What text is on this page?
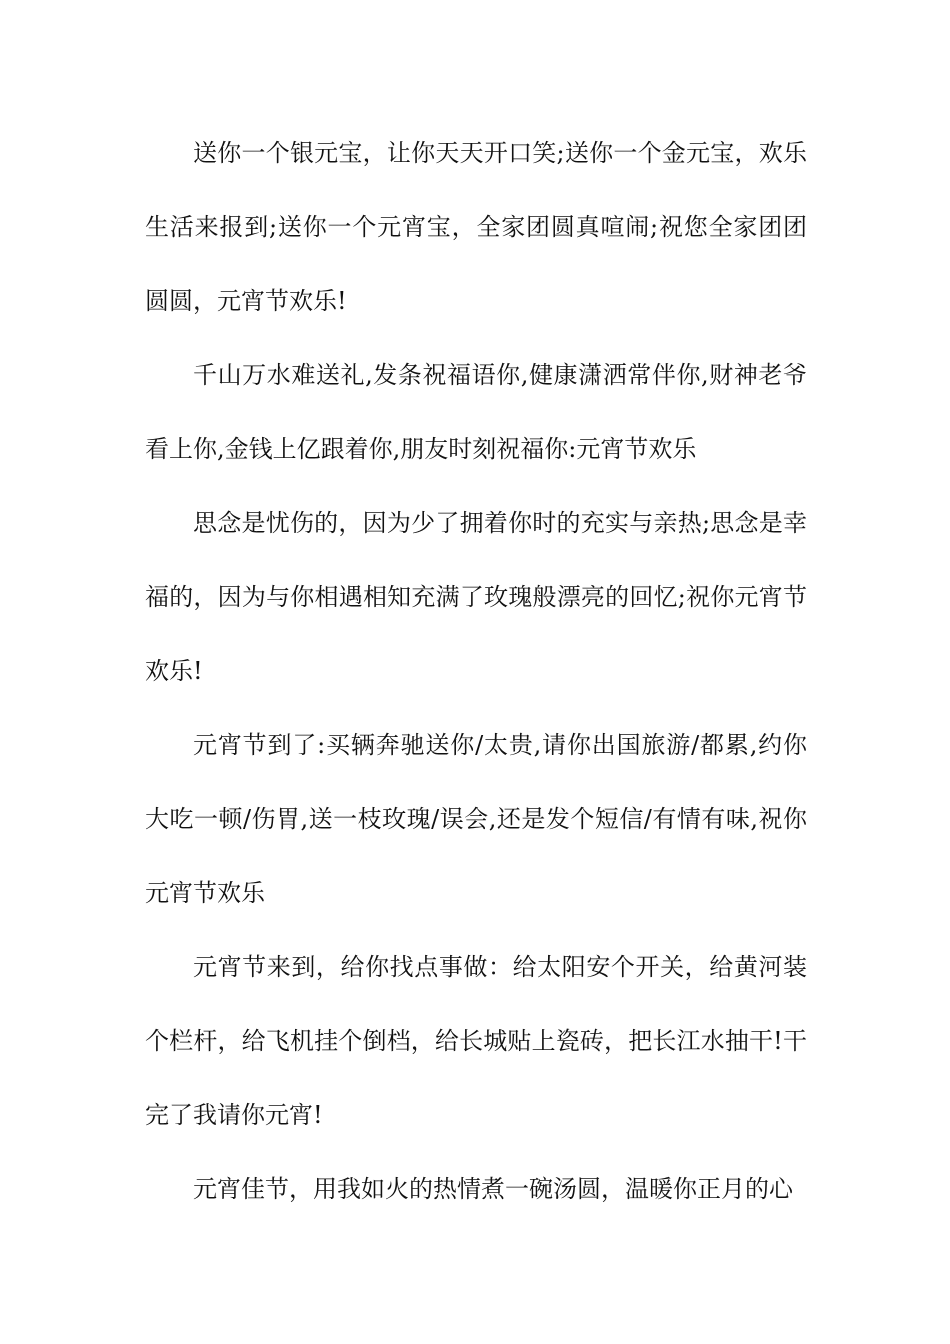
送你一个银元宝，让你天天开口笑;送你一个金元宝，欢乐生活来报到;送你一个元宵宝，全家团圆真喧闹;祝您全家团团圆圆，元宵节欢乐!

千山万水难送礼,发条祝福语你,健康潇洒常伴你,财神老爷看上你,金钱上亿跟着你,朋友时刻祝福你:元宵节欢乐

思念是忧伤的，因为少了拥着你时的充实与亲热;思念是幸福的，因为与你相遇相知充满了玫瑰般漂亮的回忆;祝你元宵节欢乐!

元宵节到了:买辆奔驰送你/太贵,请你出国旅游/都累,约你大吃一顿/伤胃,送一枝玫瑰/误会,还是发个短信/有情有味,祝你元宵节欢乐

元宵节来到，给你找点事做：给太阳安个开关，给黄河装个栏杆，给飞机挂个倒档，给长城贴上瓷砖，把长江水抽干!干完了我请你元宵!

元宵佳节，用我如火的热情煮一碗汤圆，温暖你正月的心
